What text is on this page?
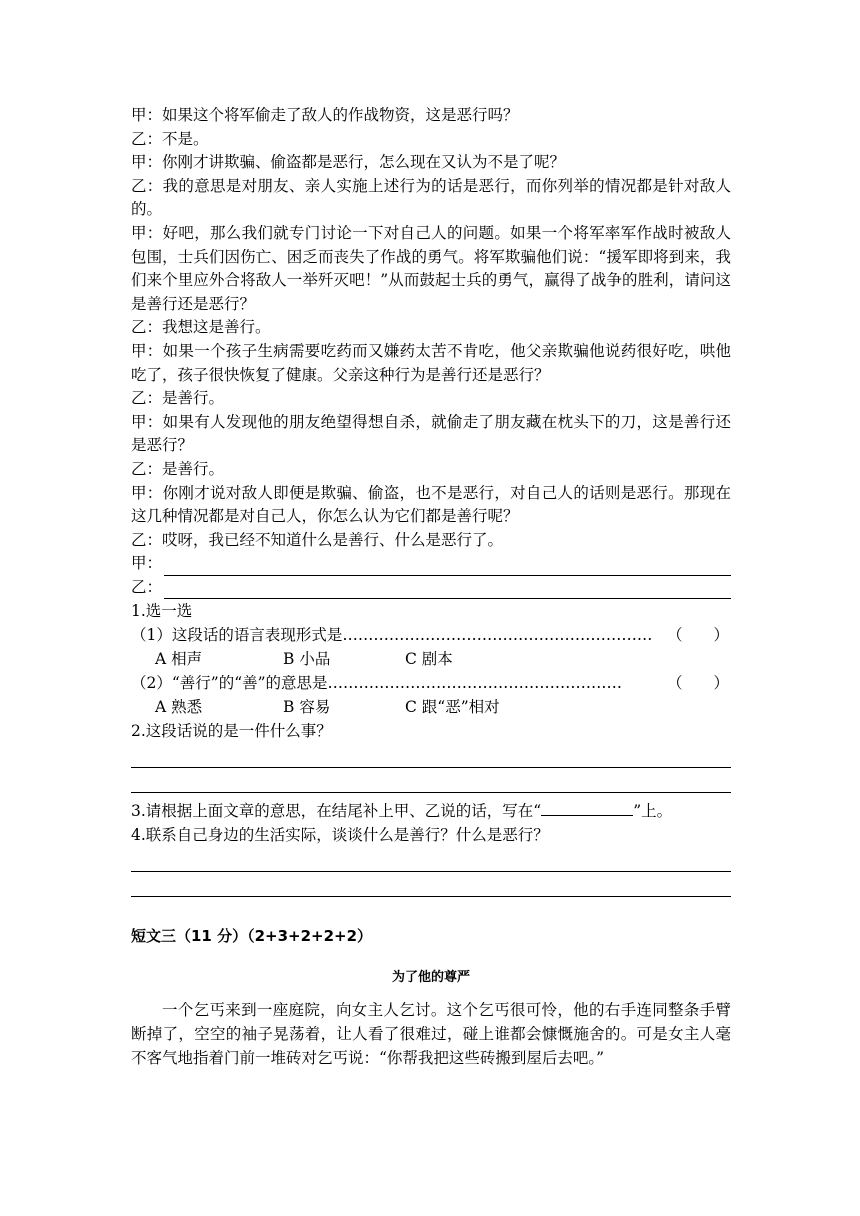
甲：如果这个将军偷走了敌人的作战物资，这是恶行吗？
乙：不是。
甲：你刚才讲欺骗、偷盗都是恶行，怎么现在又认为不是了呢？
乙：我的意思是对朋友、亲人实施上述行为的话是恶行，而你列举的情况都是针对敌人的。
甲：好吧，那么我们就专门讨论一下对自己人的问题。如果一个将军率军作战时被敌人包围，士兵们因伤亡、困乏而丧失了作战的勇气。将军欺骗他们说：“援军即将到来，我们来个里应外合将敌人一举歼灭吧！”从而鼓起士兵的勇气，赢得了战争的胜利，请问这是善行还是恶行？
乙：我想这是善行。
甲：如果一个孩子生病需要吃药而又嫌药太苦不肯吃，他父亲欺骗他说药很好吃，哄他吃了，孩子很快恢复了健康。父亲这种行为是善行还是恶行？
乙：是善行。
甲：如果有人发现他的朋友绝望得想自杀，就偷走了朋友藏在枕头下的刀，这是善行还是恶行？
乙：是善行。
甲：你刚才说对敌人即便是欺骗、偷盗，也不是恶行，对自己人的话则是恶行。那现在这几种情况都是对自己人，你怎么认为它们都是善行呢？
乙：哎呀，我已经不知道什么是善行、什么是恶行了。
甲：
乙：
1.选一选
（1）这段话的语言表现形式是…………………………………………………… （　　）
A 相声	B 小品	C 剧本
（2）“善行”的“善”的意思是…………………………………………………	（　　）
A 熟悉	B 容易	C 跟“恶”相对
2.这段话说的是一件什么事？
3.请根据上面文章的意思，在结尾补上甲、乙说的话，写在“	”上。
4.联系自己身边的生活实际，谈谈什么是善行？什么是恶行？
短文三（11 分）（2+3+2+2+2）
为了他的尊严
一个乞丐来到一座庭院，向女主人乞讨。这个乞丐很可怜，他的右手连同整条手臂断掉了，空空的袖子晃荡着，让人看了很难过，碰上谁都会慷慨施舍的。可是女主人毫不客气地指着门前一堆砖对乞丐说：“你帮我把这些砖搬到屋后去吧。”
